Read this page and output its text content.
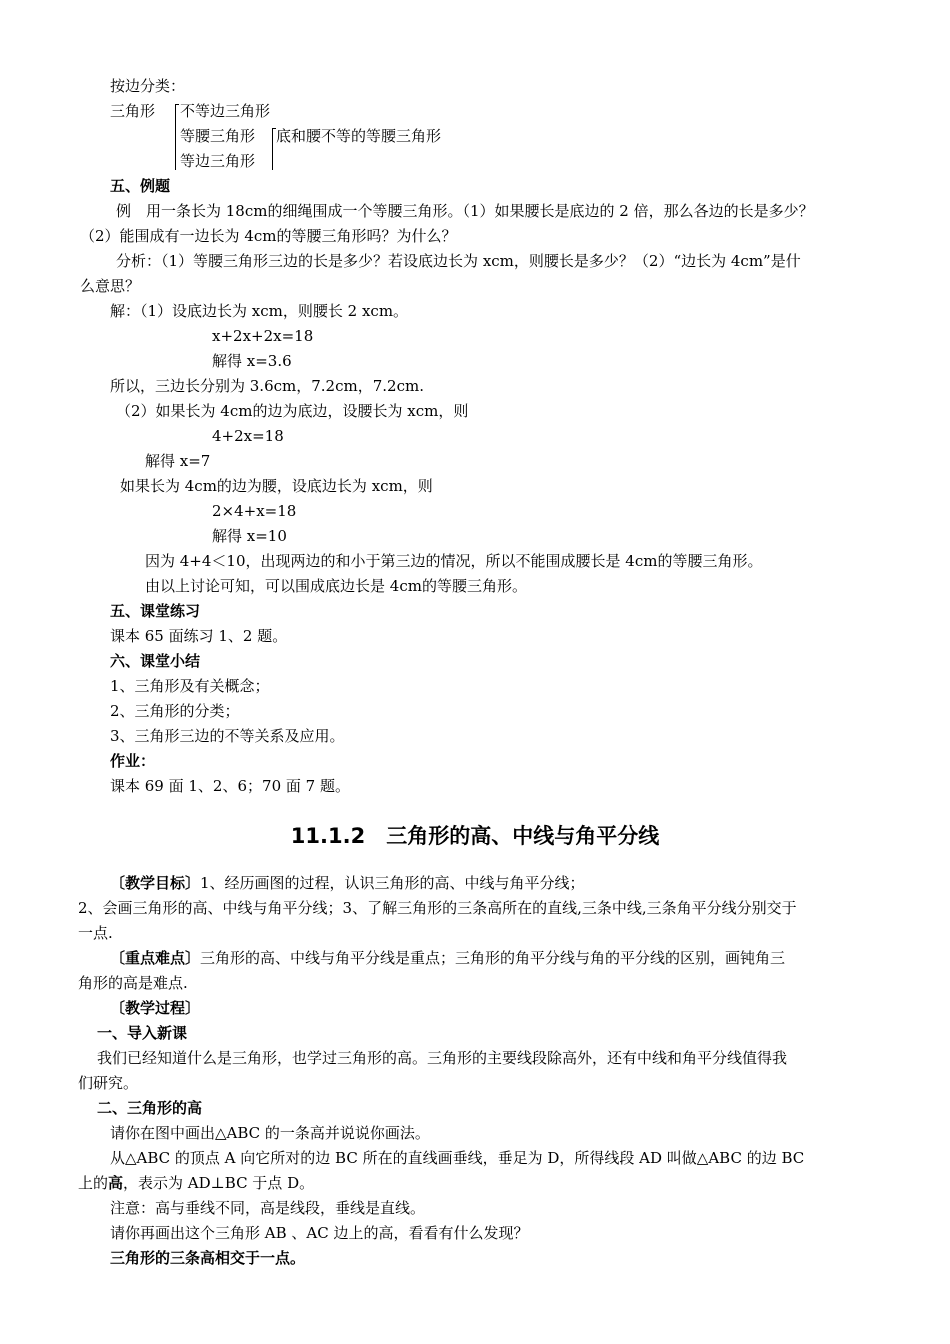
按边分类：
三角形 不等边三角形
等腰三角形 底和腰不等的等腰三角形
等边三角形
五、例题
例　用一条长为 18cm的细绳围成一个等腰三角形。（1）如果腰长是底边的 2 倍，那么各边的长是多少？
（2）能围成有一边长为 4cm的等腰三角形吗？为什么？
分析：（1）等腰三角形三边的长是多少？若设底边长为 xcm，则腰长是多少？（2）“边长为 4cm”是什
么意思？
解：（1）设底边长为 xcm，则腰长 2 xcm。
x+2x+2x=18
解得 x=3.6
所以，三边长分别为 3.6cm，7.2cm，7.2cm.
（2）如果长为 4cm的边为底边，设腰长为 xcm，则
4+2x=18
解得 x=7
如果长为 4cm的边为腰，设底边长为 xcm，则
2×4+x=18
解得 x=10
因为 4+4＜10，出现两边的和小于第三边的情况，所以不能围成腰长是 4cm的等腰三角形。
由以上讨论可知，可以围成底边长是 4cm的等腰三角形。
五、课堂练习
课本 65 面练习 1、2 题。
六、课堂小结
1、三角形及有关概念；
2、三角形的分类；
3、三角形三边的不等关系及应用。
作业：
课本 69 面 1、2、6；70 面 7 题。
11.1.2　三角形的高、中线与角平分线
〔教学目标〕1、经历画图的过程，认识三角形的高、中线与角平分线；
2、会画三角形的高、中线与角平分线；3、了解三角形的三条高所在的直线,三条中线,三条角平分线分别交于
一点.
〔重点难点〕三角形的高、中线与角平分线是重点；三角形的角平分线与角的平分线的区别，画钝角三
角形的高是难点.
〔教学过程〕
一、导入新课
我们已经知道什么是三角形，也学过三角形的高。三角形的主要线段除高外，还有中线和角平分线值得我
们研究。
二、三角形的高
请你在图中画出△ABC 的一条高并说说你画法。
从△ABC 的顶点 A 向它所对的边 BC 所在的直线画垂线，垂足为 D，所得线段 AD 叫做△ABC 的边 BC
上的高，表示为 AD⊥BC 于点 D。
注意：高与垂线不同，高是线段，垂线是直线。
请你再画出这个三角形 AB 、AC 边上的高，看看有什么发现？
三角形的三条高相交于一点。
